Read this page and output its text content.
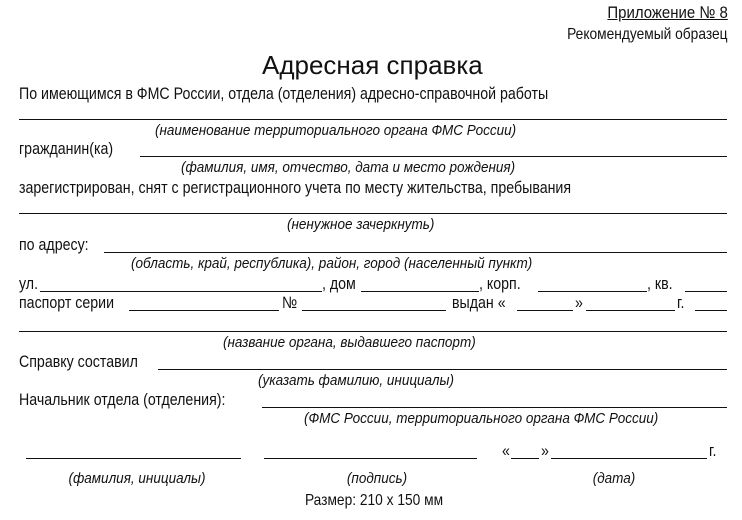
Приложение № 8
Рекомендуемый образец
Адресная справка
По имеющимся в ФМС России, отдела (отделения) адресно-справочной работы
(наименование территориального органа ФМС России)
гражданин(ка)
(фамилия, имя, отчество, дата и место рождения)
зарегистрирован, снят с регистрационного учета по месту жительства, пребывания
(ненужное зачеркнуть)
по адресу:
(область, край, республика), район, город (населенный пункт)
ул.	, дом	, корп.	, кв.
паспорт серии	№	выдан «	»	г.
(название органа, выдавшего паспорт)
Справку составил
(указать фамилию, инициалы)
Начальник отдела (отделения):
(ФМС России, территориального органа ФМС России)
« »	г.
(фамилия, инициалы)	(подпись)	(дата)
Размер: 210 х 150 мм
